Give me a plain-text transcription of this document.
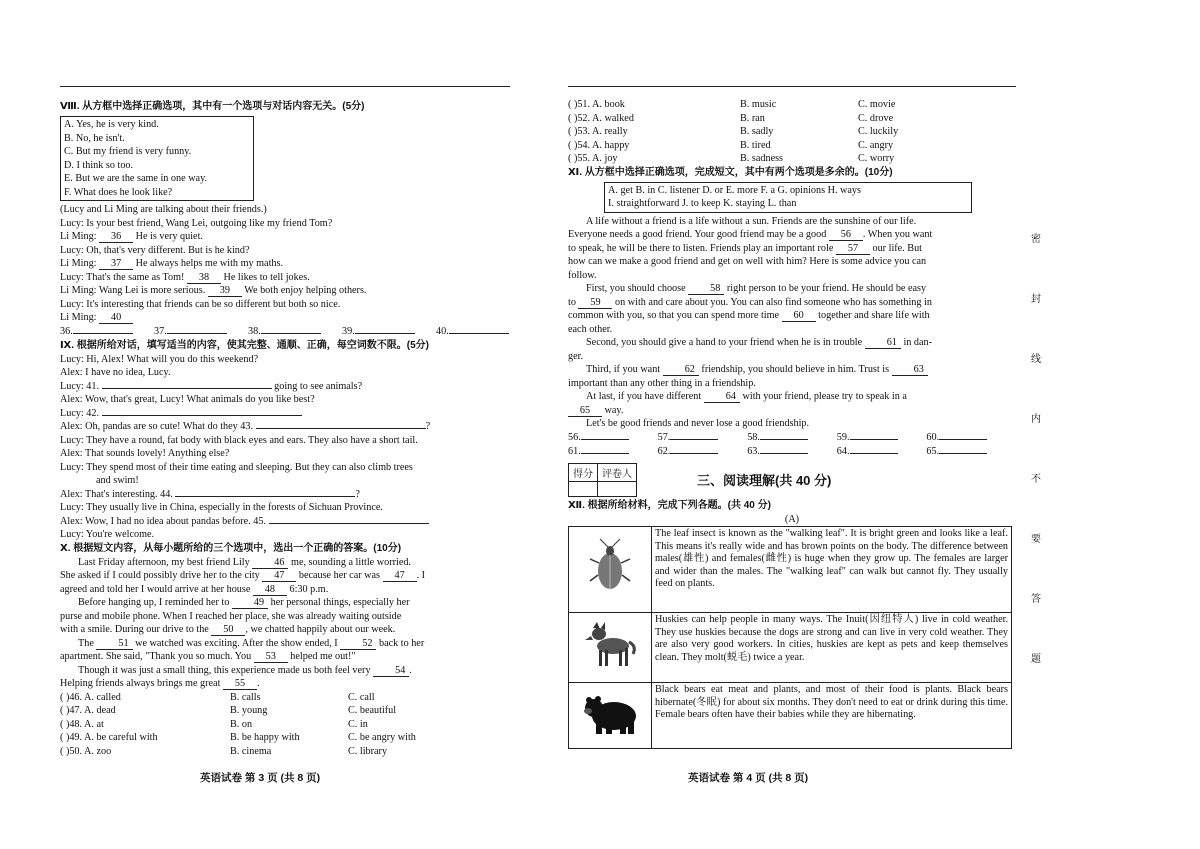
Ⅷ. 从方框中选择正确选项，其中有一个选项与对话内容无关。(5分)
A. Yes, he is very kind.
B. No, he isn't.
C. But my friend is very funny.
D. I think so too.
E. But we are the same in one way.
F. What does he look like?
(Lucy and Li Ming are talking about their friends.)
Lucy: Is your best friend, Wang Lei, outgoing like my friend Tom?
Li Ming: 36 He is very quiet.
Lucy: Oh, that's very different. But is he kind?
Li Ming: 37 He always helps me with my maths.
Lucy: That's the same as Tom! 38 He likes to tell jokes.
Li Ming: Wang Lei is more serious. 39 We both enjoy helping others.
Lucy: It's interesting that friends can be so different but both so nice.
Li Ming: 40
36.	37.	38.	39.	40.
Ⅸ. 根据所给对话，填写适当的内容，使其完整、通顺、正确，每空词数不限。(5分)
Lucy: Hi, Alex! What will you do this weekend?
Alex: I have no idea, Lucy.
Lucy: 41.	going to see animals?
Alex: Wow, that's great, Lucy! What animals do you like best?
Lucy: 42.
Alex: Oh, pandas are so cute! What do they 43.	?
Lucy: They have a round, fat body with black eyes and ears. They also have a short tail.
Alex: That sounds lovely! Anything else?
Lucy: They spend most of their time eating and sleeping. But they can also climb trees
and swim!
Alex: That's interesting. 44.	?
Lucy: They usually live in China, especially in the forests of Sichuan Province.
Alex: Wow, I had no idea about pandas before. 45.
Lucy: You're welcome.
Ⅹ. 根据短文内容，从每小题所给的三个选项中，选出一个正确的答案。(10分)
Last Friday afternoon, my best friend Lily 46 me, sounding a little worried.
She asked if I could possibly drive her to the city 47 because her car was 47 . I
agreed and told her I would arrive at her house 48 6:30 p.m.
Before hanging up, I reminded her to 49 her personal things, especially her
purse and mobile phone. When I reached her place, she was already waiting outside
with a smile. During our drive to the 50 , we chatted happily about our week.
The 51 we watched was exciting. After the show ended, I 52 back to her
apartment. She said, "Thank you so much. You 53 helped me out!"
Though it was just a small thing, this experience made us both feel very 54 .
Helping friends always brings me great 55 .
( )46. A. called	B. calls	C. call
( )47. A. dead	B. young	C. beautiful
( )48. A. at	B. on	C. in
( )49. A. be careful with	B. be happy with	C. be angry with
( )50. A. zoo	B. cinema	C. library
英语试卷 第 3 页 (共 8 页)
( )51. A. book	B. music	C. movie
( )52. A. walked	B. ran	C. drove
( )53. A. really	B. sadly	C. luckily
( )54. A. happy	B. tired	C. angry
( )55. A. joy	B. sadness	C. worry
Ⅺ. 从方框中选择正确选项，完成短文，其中有两个选项是多余的。(10分)
A. get B. in C. listener D. or E. more F. a G. opinions H. ways
I. straightforward J. to keep K. staying L. than
A life without a friend is a life without a sun. Friends are the sunshine of our life.
Everyone needs a good friend. Your good friend may be a good 56 . When you want
to speak, he will be there to listen. Friends play an important role 57 our life. But
how can we make a good friend and get on well with him? Here is some advice you can
follow.
First, you should choose 58 right person to be your friend. He should be easy
to 59 on with and care about you. You can also find someone who has something in
common with you, so that you can spend more time 60 together and share life with
each other.
Second, you should give a hand to your friend when he is in trouble 61 in dan-
ger.
Third, if you want 62 friendship, you should believe in him. Trust is 63
important than any other thing in a friendship.
At last, if you have different 64 with your friend, please try to speak in a
65 way.
Let's be good friends and never lose a good friendship.
56.	57.	58.	59.	60.
61.	62.	63.	64.	65.
得分	评卷人
		三、阅读理解(共 40 分)
Ⅻ. 根据所给材料，完成下列各题。(共 40 分)
(A)
	The leaf insect is known as the "walking leaf". It is bright green and looks like a leaf. This means it's really wide and has brown points on the body. The difference between males(雄性) and females(雌性) is huge when they grow up. The females are larger and wider than the males. The "walking leaf" can walk but cannot fly. They usually feed on plants.
	Huskies can help people in many ways. The Inuit(因纽特人) live in cold weather. They use huskies because the dogs are strong and can live in very cold weather. They are also very good workers. In cities, huskies are kept as pets and keep themselves clean. They molt(蜕毛) twice a year.
	Black bears eat meat and plants, and most of their food is plants. Black bears hibernate(冬眠) for about six months. They don't need to eat or drink during this time. Female bears often have their babies while they are hibernating.
英语试卷 第 4 页 (共 8 页)
密
封
线
内
不
要
答
题
